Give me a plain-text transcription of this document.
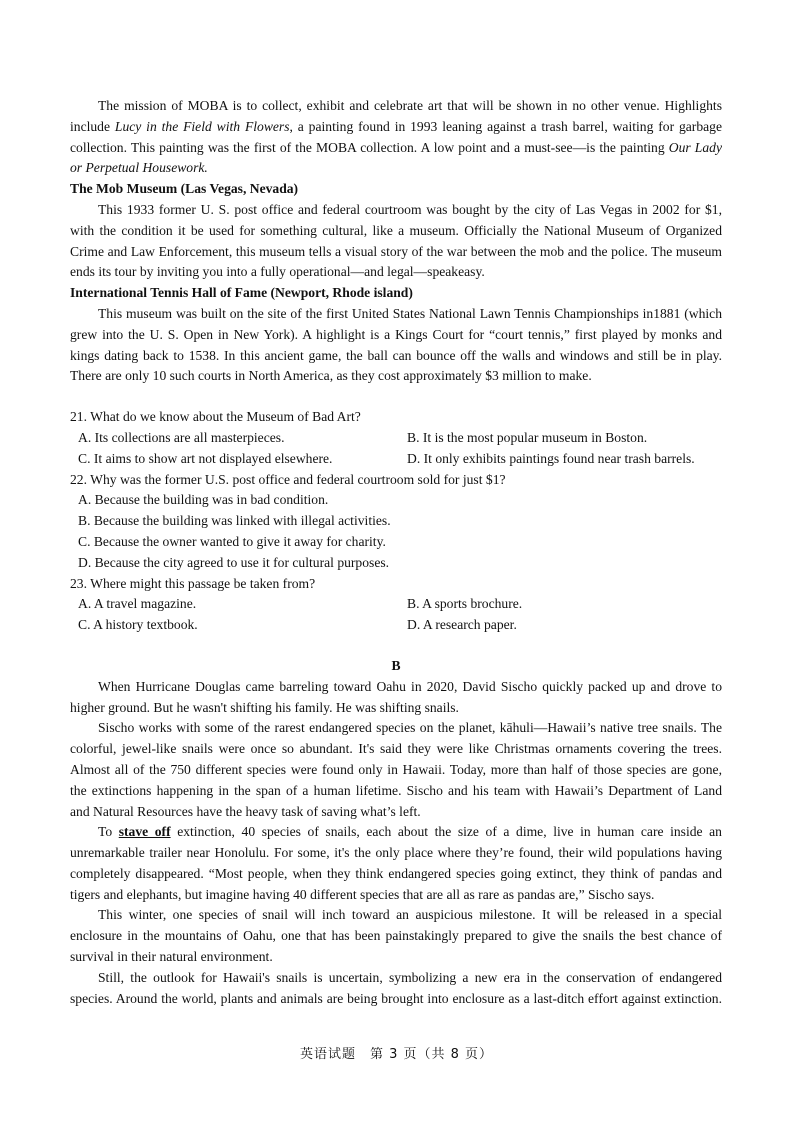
The mission of MOBA is to collect, exhibit and celebrate art that will be shown in no other venue. Highlights
include Lucy in the Field with Flowers, a painting found in 1993 leaning against a trash barrel, waiting for garbage
collection. This painting was the first of the MOBA collection. A low point and a must-see—is the painting Our Lady
or Perpetual Housework.
The Mob Museum (Las Vegas, Nevada)
This 1933 former U. S. post office and federal courtroom was bought by the city of Las Vegas in 2002 for $1,
with the condition it be used for something cultural, like a museum. Officially the National Museum of Organized
Crime and Law Enforcement, this museum tells a visual story of the war between the mob and the police. The museum
ends its tour by inviting you into a fully operational—and legal—speakeasy.
International Tennis Hall of Fame (Newport, Rhode island)
This museum was built on the site of the first United States National Lawn Tennis Championships in1881 (which
grew into the U. S. Open in New York). A highlight is a Kings Court for “court tennis,” first played by monks and
kings dating back to 1538. In this ancient game, the ball can bounce off the walls and windows and still be in play.
There are only 10 such courts in North America, as they cost approximately $3 million to make.
21. What do we know about the Museum of Bad Art?
A. Its collections are all masterpieces.	B. It is the most popular museum in Boston.
C. It aims to show art not displayed elsewhere.	D. It only exhibits paintings found near trash barrels.
22. Why was the former U.S. post office and federal courtroom sold for just $1?
A. Because the building was in bad condition.
B. Because the building was linked with illegal activities.
C. Because the owner wanted to give it away for charity.
D. Because the city agreed to use it for cultural purposes.
23. Where might this passage be taken from?
A. A travel magazine.	B. A sports brochure.
C. A history textbook.	D. A research paper.
B
When Hurricane Douglas came barreling toward Oahu in 2020, David Sischo quickly packed up and drove to
higher ground. But he wasn't shifting his family. He was shifting snails.
Sischo works with some of the rarest endangered species on the planet, kāhuli—Hawaii’s native tree snails. The
colorful, jewel-like snails were once so abundant. It's said they were like Christmas ornaments covering the trees.
Almost all of the 750 different species were found only in Hawaii. Today, more than half of those species are gone,
the extinctions happening in the span of a human lifetime. Sischo and his team with Hawaii’s Department of Land
and Natural Resources have the heavy task of saving what’s left.
To stave off extinction, 40 species of snails, each about the size of a dime, live in human care inside an
unremarkable trailer near Honolulu. For some, it's the only place where they’re found, their wild populations having
completely disappeared. “Most people, when they think endangered species going extinct, they think of pandas and
tigers and elephants, but imagine having 40 different species that are all as rare as pandas are,” Sischo says.
This winter, one species of snail will inch toward an auspicious milestone. It will be released in a special
enclosure in the mountains of Oahu, one that has been painstakingly prepared to give the snails the best chance of
survival in their natural environment.
Still, the outlook for Hawaii's snails is uncertain, symbolizing a new era in the conservation of endangered
species. Around the world, plants and animals are being brought into enclosure as a last-ditch effort against extinction.
英语试题　第 3 页（共 8 页）
